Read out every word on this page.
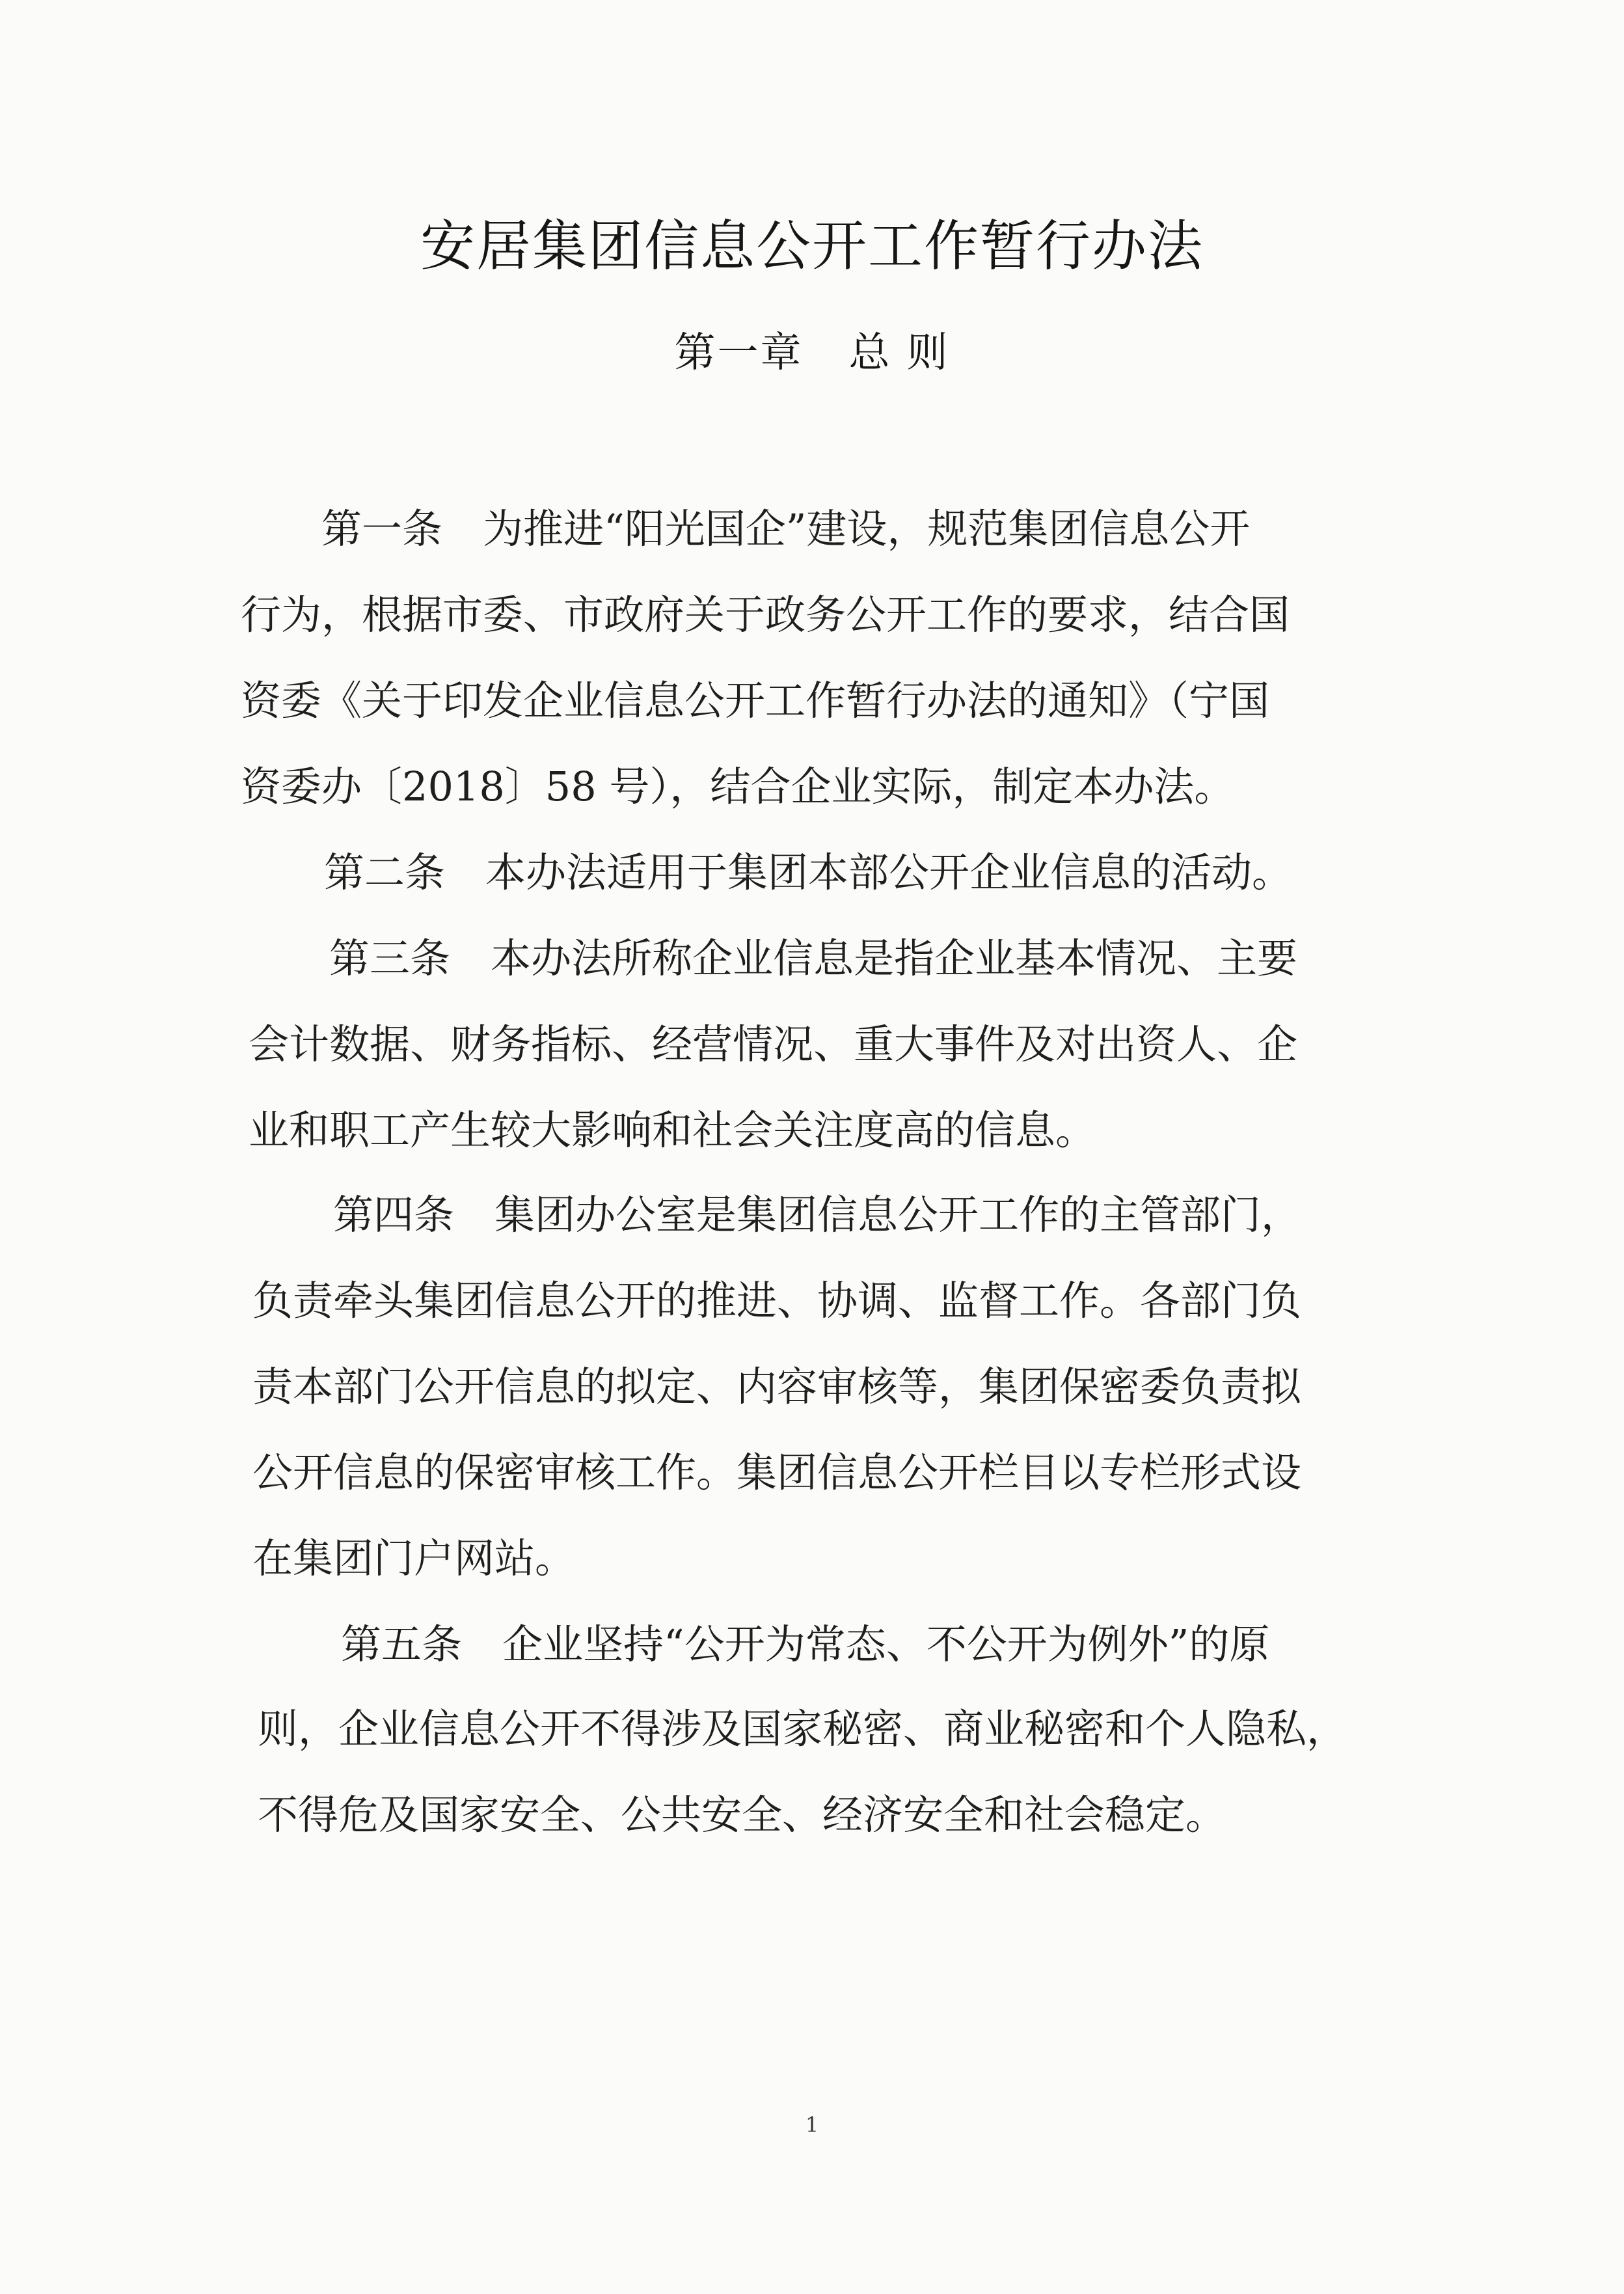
安居集团信息公开工作暂行办法
第一章 总 则
第一条　为推进“阳光国企”建设，规范集团信息公开
行为，根据市委、市政府关于政务公开工作的要求，结合国
资委《关于印发企业信息公开工作暂行办法的通知》（宁国
资委办〔2018〕58 号），结合企业实际，制定本办法。
第二条　本办法适用于集团本部公开企业信息的活动。
第三条　本办法所称企业信息是指企业基本情况、主要
会计数据、财务指标、经营情况、重大事件及对出资人、企
业和职工产生较大影响和社会关注度高的信息。
第四条　集团办公室是集团信息公开工作的主管部门，
负责牵头集团信息公开的推进、协调、监督工作。各部门负
责本部门公开信息的拟定、内容审核等，集团保密委负责拟
公开信息的保密审核工作。集团信息公开栏目以专栏形式设
在集团门户网站。
第五条　企业坚持“公开为常态、不公开为例外”的原
则，企业信息公开不得涉及国家秘密、商业秘密和个人隐私，
不得危及国家安全、公共安全、经济安全和社会稳定。
1
